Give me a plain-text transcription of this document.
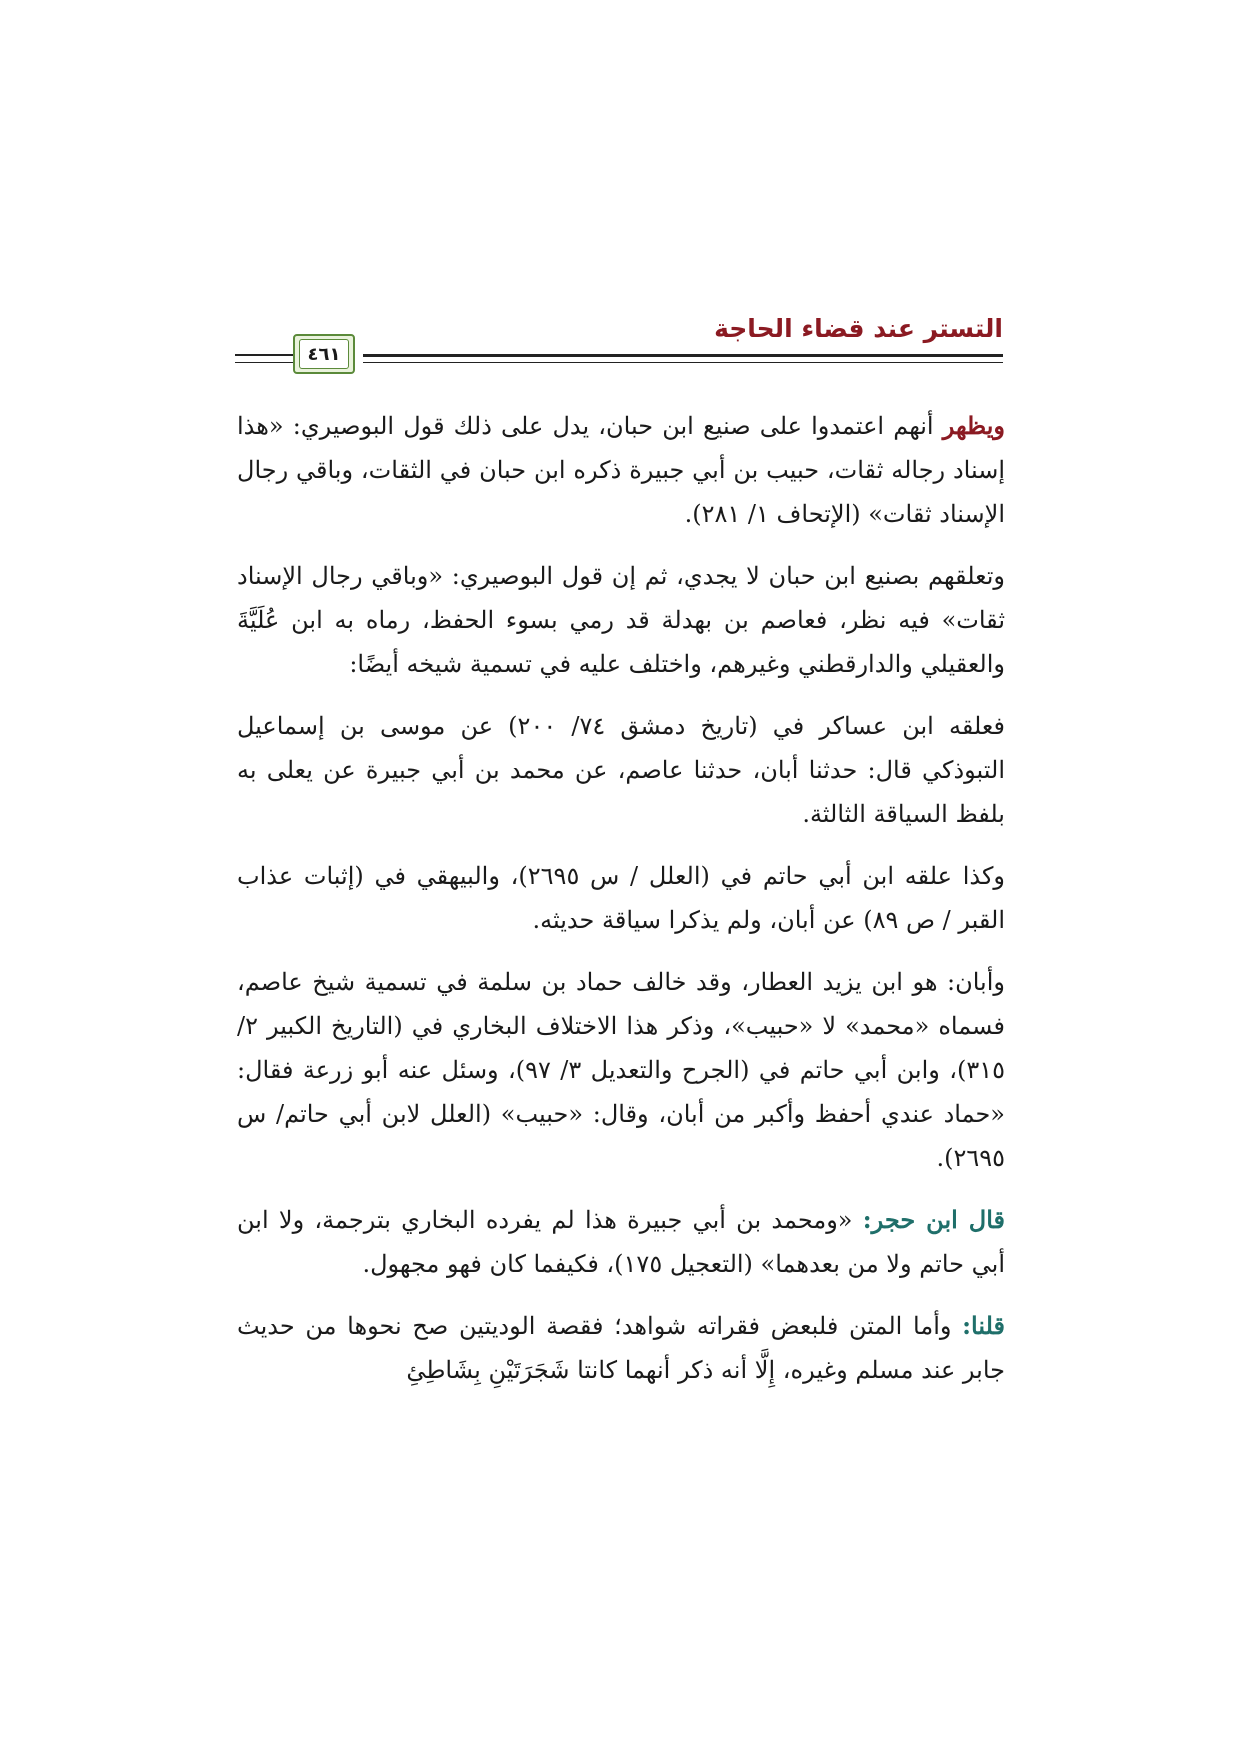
التستر عند قضاء الحاجة
٤٦١

ويظهر أنهم اعتمدوا على صنيع ابن حبان، يدل على ذلك قول البوصيري: «هذا إسناد رجاله ثقات، حبيب بن أبي جبيرة ذكره ابن حبان في الثقات، وباقي رجال الإسناد ثقات» (الإتحاف ١/ ٢٨١).

وتعلقهم بصنيع ابن حبان لا يجدي، ثم إن قول البوصيري: «وباقي رجال الإسناد ثقات» فيه نظر، فعاصم بن بهدلة قد رمي بسوء الحفظ، رماه به ابن عُلَيَّةَ والعقيلي والدارقطني وغيرهم، واختلف عليه في تسمية شيخه أيضًا:

فعلقه ابن عساكر في (تاريخ دمشق ٧٤/ ٢٠٠) عن موسى بن إسماعيل التبوذكي قال: حدثنا أبان، حدثنا عاصم، عن محمد بن أبي جبيرة عن يعلى به بلفظ السياقة الثالثة.

وكذا علقه ابن أبي حاتم في (العلل / س ٢٦٩٥)، والبيهقي في (إثبات عذاب القبر / ص ٨٩) عن أبان، ولم يذكرا سياقة حديثه.

وأبان: هو ابن يزيد العطار، وقد خالف حماد بن سلمة في تسمية شيخ عاصم، فسماه «محمد» لا «حبيب»، وذكر هذا الاختلاف البخاري في (التاريخ الكبير ٢/ ٣١٥)، وابن أبي حاتم في (الجرح والتعديل ٣/ ٩٧)، وسئل عنه أبو زرعة فقال: «حماد عندي أحفظ وأكبر من أبان، وقال: «حبيب» (العلل لابن أبي حاتم/ س ٢٦٩٥).

قال ابن حجر: «ومحمد بن أبي جبيرة هذا لم يفرده البخاري بترجمة، ولا ابن أبي حاتم ولا من بعدهما» (التعجيل ١٧٥)، فكيفما كان فهو مجهول.

قلنا: وأما المتن فلبعض فقراته شواهد؛ فقصة الوديتين صح نحوها من حديث جابر عند مسلم وغيره، إِلَّا أنه ذكر أنهما كانتا شَجَرَتَيْنِ بِشَاطِئِ
